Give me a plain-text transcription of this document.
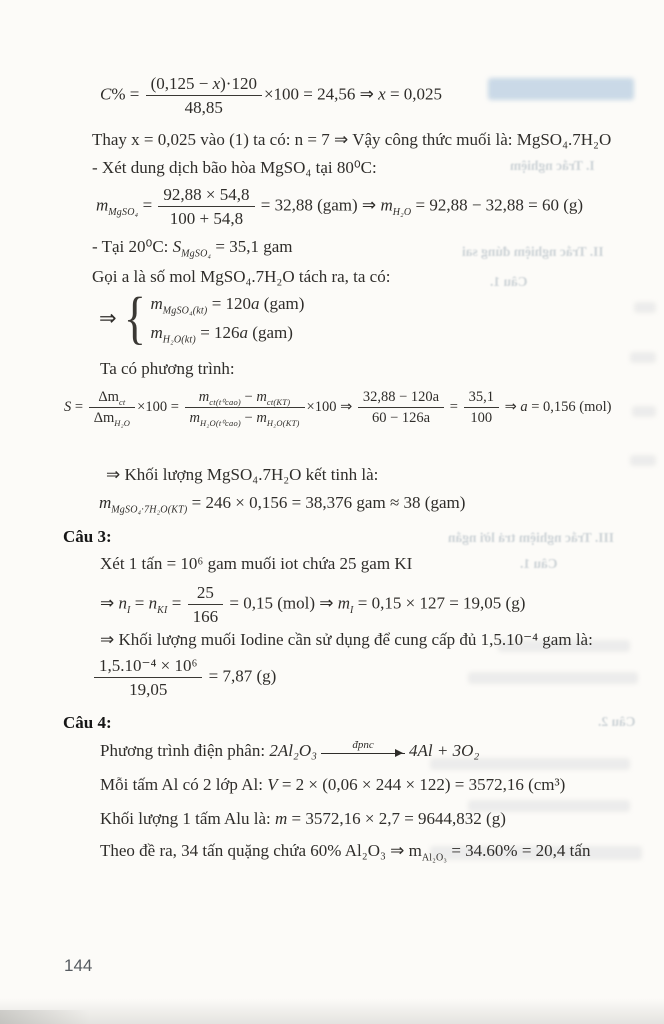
I. Trắc nghiệm
II. Trắc nghiệm đúng sai
Câu 1.
III. Trắc nghiệm trả lời ngắn
Câu 1.
Câu 2.
$C\% = \frac{(0,125 - x)\cdot 120}{48,85} \times 100 = 24,56$ ⇒ x = 0,025
Thay x = 0,025 vào (1) ta có: n = 7 ⇒ Vậy công thức muối là: MgSO₄.7H₂O
- Xét dung dịch bão hòa MgSO₄ tại 80⁰C:
$m_{MgSO_4} = \frac{92,88 \times 54,8}{100 + 54,8} = 32,88$ (gam) ⇒ $m_{H_2O} = 92,88 - 32,88 = 60$ (g)
- Tại 20⁰C: $S_{MgSO_4} = 35,1$ gam
Gọi a là số mol MgSO₄.7H₂O tách ra, ta có:
⇒ { $m_{MgSO_4(kt)} = 120a$ (gam)
$m_{H_2O(kt)} = 126a$ (gam)
Ta có phương trình:
$S = \frac{\Delta m_{ct}}{\Delta m_{H_2O}} \times 100 = \frac{m_{ct(t^0cao)} - m_{ct(KT)}}{m_{H_2O(t^0cao)} - m_{H_2O(KT)}} \times 100$ ⇒ $\frac{32,88 - 120a}{60 - 126a} = \frac{35,1}{100}$ ⇒ a = 0,156 (mol)
⇒ Khối lượng MgSO₄.7H₂O kết tinh là:
$m_{MgSO_4\cdot 7H_2O(KT)} = 246 \times 0,156 = 38,376$ gam ≈ 38 (gam)
Câu 3:
Xét 1 tấn = 10⁶ gam muối iot chứa 25 gam KI
⇒ $n_I = n_{KI} = \frac{25}{166} = 0,15$ (mol) ⇒ $m_I = 0,15 \times 127 = 19,05$ (g)
⇒ Khối lượng muối Iodine cần sử dụng để cung cấp đủ 1,5.10⁻⁴ gam là:
$\frac{\text{1,5.10⁻⁴ × 10⁶}}{19,05} = 7,87$ (g)
Câu 4:
Phương trình điện phân: 2Al₂O₃	đpnc	4Al + 3O₂
Mỗi tấm Al có 2 lớp Al: V = 2 × (0,06 × 244 × 122) = 3572,16 (cm³)
Khối lượng 1 tấm Alu là: m = 3572,16 × 2,7 = 9644,832 (g)
Theo đề ra, 34 tấn quặng chứa 60% Al₂O₃ ⇒ $m_{Al_2O_3} = 34.60\% = 20,4$ tấn
144
